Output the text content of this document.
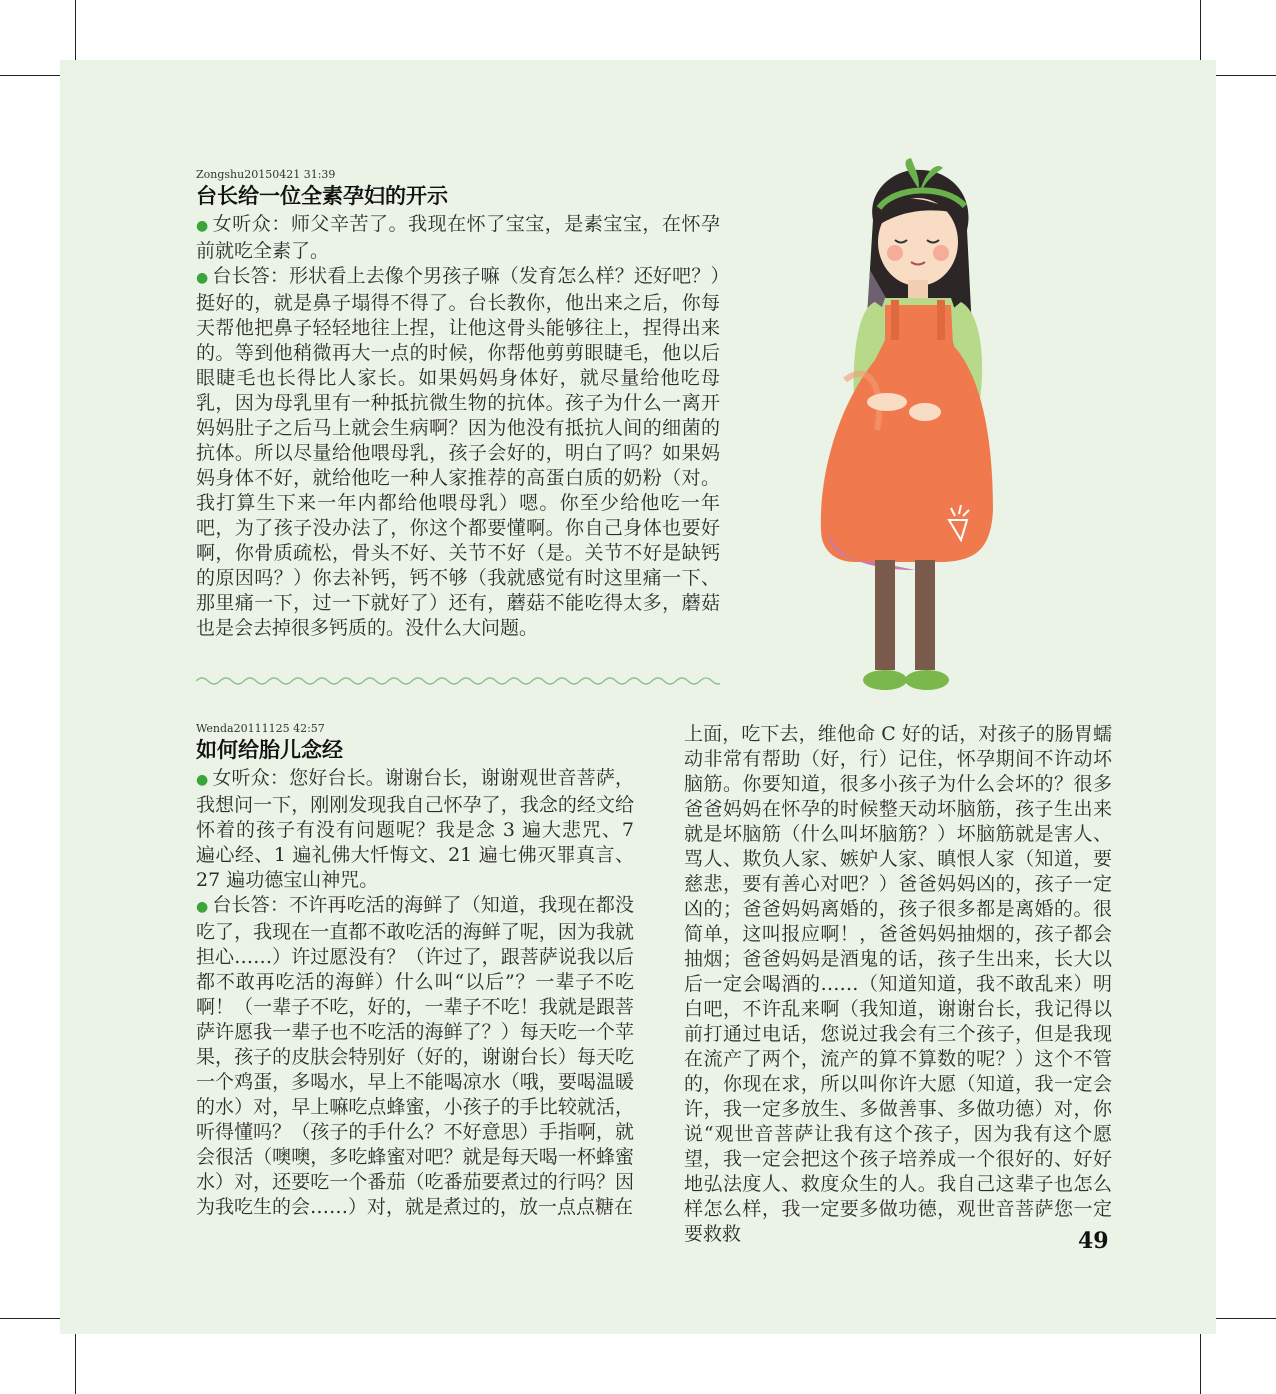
Zongshu20150421 31:39
台长给一位全素孕妇的开示

● 女听众：师父辛苦了。我现在怀了宝宝，是素宝宝，在怀孕前就吃全素了。

● 台长答：形状看上去像个男孩子嘛（发育怎么样？还好吧？）挺好的，就是鼻子塌得不得了。台长教你，他出来之后，你每天帮他把鼻子轻轻地往上捏，让他这骨头能够往上，捏得出来的。等到他稍微再大一点的时候，你帮他剪剪眼睫毛，他以后眼睫毛也长得比人家长。如果妈妈身体好，就尽量给他吃母乳，因为母乳里有一种抵抗微生物的抗体。孩子为什么一离开妈妈肚子之后马上就会生病啊？因为他没有抵抗人间的细菌的抗体。所以尽量给他喂母乳，孩子会好的，明白了吗？如果妈妈身体不好，就给他吃一种人家推荐的高蛋白质的奶粉（对。我打算生下来一年内都给他喂母乳）嗯。你至少给他吃一年吧，为了孩子没办法了，你这个都要懂啊。你自己身体也要好啊，你骨质疏松，骨头不好、关节不好（是。关节不好是缺钙的原因吗？）你去补钙，钙不够（我就感觉有时这里痛一下、那里痛一下，过一下就好了）还有，蘑菇不能吃得太多，蘑菇也是会去掉很多钙质的。没什么大问题。

Wenda20111125 42:57
如何给胎儿念经

● 女听众：您好台长。谢谢台长，谢谢观世音菩萨，我想问一下，刚刚发现我自己怀孕了，我念的经文给怀着的孩子有没有问题呢？我是念 3 遍大悲咒、7 遍心经、1 遍礼佛大忏悔文、21 遍七佛灭罪真言、27 遍功德宝山神咒。

● 台长答：不许再吃活的海鲜了（知道，我现在都没吃了，我现在一直都不敢吃活的海鲜了呢，因为我就担心……）许过愿没有？（许过了，跟菩萨说我以后都不敢再吃活的海鲜）什么叫“以后”？一辈子不吃啊！（一辈子不吃，好的，一辈子不吃！我就是跟菩萨许愿我一辈子也不吃活的海鲜了？）每天吃一个苹果，孩子的皮肤会特别好（好的，谢谢台长）每天吃一个鸡蛋，多喝水，早上不能喝凉水（哦，要喝温暖的水）对，早上嘛吃点蜂蜜，小孩子的手比较就活，听得懂吗？（孩子的手什么？不好意思）手指啊，就会很活（噢噢，多吃蜂蜜对吧？就是每天喝一杯蜂蜜水）对，还要吃一个番茄（吃番茄要煮过的行吗？因为我吃生的会……）对，就是煮过的，放一点点糖在

上面，吃下去，维他命 C 好的话，对孩子的肠胃蠕动非常有帮助（好，行）记住，怀孕期间不许动坏脑筋。你要知道，很多小孩子为什么会坏的？很多爸爸妈妈在怀孕的时候整天动坏脑筋，孩子生出来就是坏脑筋（什么叫坏脑筋？）坏脑筋就是害人、骂人、欺负人家、嫉妒人家、瞋恨人家（知道，要慈悲，要有善心对吧？）爸爸妈妈凶的，孩子一定凶的；爸爸妈妈离婚的，孩子很多都是离婚的。很简单，这叫报应啊！，爸爸妈妈抽烟的，孩子都会抽烟；爸爸妈妈是酒鬼的话，孩子生出来，长大以后一定会喝酒的……（知道知道，我不敢乱来）明白吧，不许乱来啊（我知道，谢谢台长，我记得以前打通过电话，您说过我会有三个孩子，但是我现在流产了两个，流产的算不算数的呢？）这个不管的，你现在求，所以叫你许大愿（知道，我一定会许，我一定多放生、多做善事、多做功德）对，你说“观世音菩萨让我有这个孩子，因为我有这个愿望，我一定会把这个孩子培养成一个很好的、好好地弘法度人、救度众生的人。我自己这辈子也怎么样怎么样，我一定要多做功德，观世音菩萨您一定要救救	49
